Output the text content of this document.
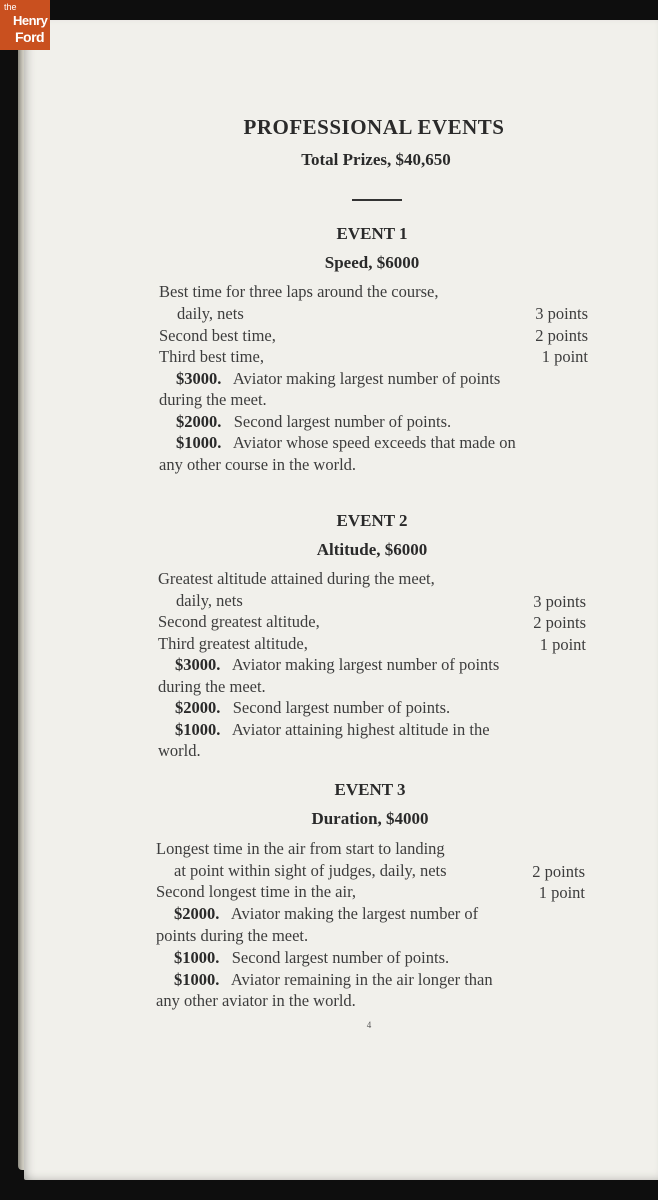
the
Henry
Ford
PROFESSIONAL EVENTS
Total Prizes, $40,650
EVENT 1
Speed, $6000
Best time for three laps around the course,
daily, nets	3 points
Second best time,	2 points
Third best time,	1 point
$3000. Aviator making largest number of points
during the meet.
$2000. Second largest number of points.
$1000. Aviator whose speed exceeds that made on
any other course in the world.
EVENT 2
Altitude, $6000
Greatest altitude attained during the meet,
daily, nets	3 points
Second greatest altitude,	2 points
Third greatest altitude,	1 point
$3000. Aviator making largest number of points
during the meet.
$2000. Second largest number of points.
$1000. Aviator attaining highest altitude in the
world.
EVENT 3
Duration, $4000
Longest time in the air from start to landing
at point within sight of judges, daily, nets	2 points
Second longest time in the air,	1 point
$2000. Aviator making the largest number of
points during the meet.
$1000. Second largest number of points.
$1000. Aviator remaining in the air longer than
any other aviator in the world.
4
